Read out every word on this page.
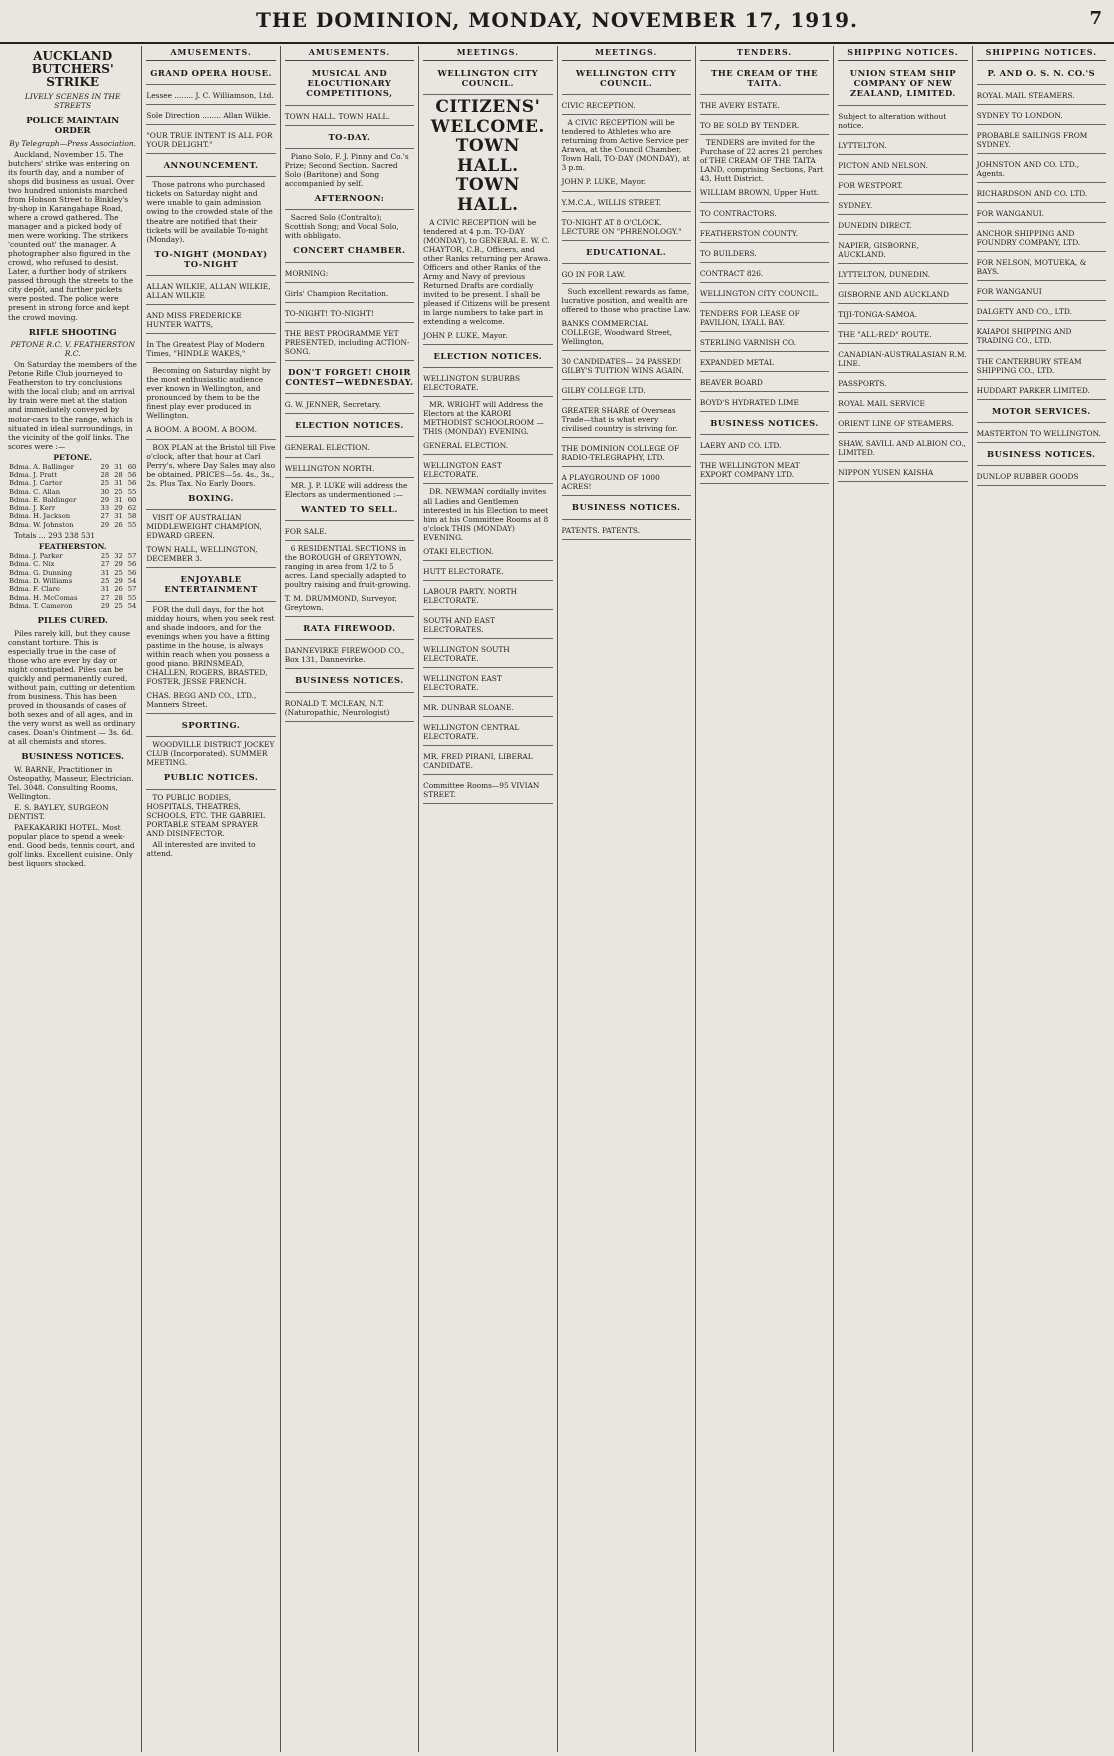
THE DOMINION, MONDAY, NOVEMBER 17, 1919.	7
AUCKLAND BUTCHERS' STRIKE
LIVELY SCENES IN THE STREETS
POLICE MAINTAIN ORDER
By Telegraph—Press Association.

Auckland, November 15. The butchers' strike was entering on its fourth day, and a number of shops did business as usual. Over two hundred unionists marched from Hobson Street to Binkley's by-shop in Karangahape Road, where a crowd gathered. The manager and a picked body of men were working. The strikers 'counted out' the manager. A photographer also figured in the crowd, who refused to desist. Later, a further body of strikers passed through the streets to the city depôt, and further pickets were posted. The police were present in strong force and kept the crowd moving.

RIFLE SHOOTING
PETONE R.C. V. FEATHERSTON R.C.

On Saturday the members of the Petone Rifle Club journeyed to Featherston to try conclusions with the local club; and on arrival by train were met at the station and immediately conveyed by motor-cars to the range, which is situated in ideal surroundings, in the vicinity of the golf links. The scores were :—

PETONE.
Bdma. A. Ballinger	29	31	60
Bdma. J. Pratt	28	28	56
Bdma. J. Carter	25	31	56
Bdma. C. Allan	30	25	55
Bdma. E. Baldinger	29	31	60
Bdma. J. Kerr	33	29	62
Bdma. H. Jackson	27	31	58
Bdma. W. Johnston	29	26	55

Totals ... 293 238 531

FEATHERSTON.
Bdma. J. Parker	25	32	57
Bdma. C. Nix	27	29	56
Bdma. G. Dunning	31	25	56
Bdma. D. Williams	25	29	54
Bdma. F. Clare	31	26	57
Bdma. H. McComas	27	28	55
Bdma. T. Cameron	29	25	54
PILES CURED.

Piles rarely kill, but they cause constant torture. This is especially true in the case of those who are ever by day or night constipated. Piles can be quickly and permanently cured, without pain, cutting or detention from business. This has been proved in thousands of cases of both sexes and of all ages, and in the very worst as well as ordinary cases. Doan's Ointment — 3s. 6d. at all chemists and stores.

BUSINESS NOTICES.

W. BARNE, Practitioner in Osteopathy, Masseur, Electrician. Tel. 3048. Consulting Rooms, Wellington.

E. S. BAYLEY, SURGEON DENTIST.

PAEKAKARIKI HOTEL. Most popular place to spend a week-end. Good beds, tennis court, and golf links. Excellent cuisine. Only best liquors stocked.

AMUSEMENTS.
GRAND OPERA HOUSE.
Lessee ........ J. C. Williamson, Ltd.
Sole Direction ........ Allan Wilkie.
"OUR TRUE INTENT IS ALL FOR YOUR DELIGHT."
ANNOUNCEMENT.

Those patrons who purchased tickets on Saturday night and were unable to gain admission owing to the crowded state of the theatre are notified that their tickets will be available To-night (Monday).

TO-NIGHT (MONDAY) TO-NIGHT
ALLAN WILKIE, ALLAN WILKIE, ALLAN WILKIE
AND MISS FREDERICKE HUNTER WATTS,
In The Greatest Play of Modern Times, "HINDLE WAKES,"

Becoming on Saturday night by the most enthusiastic audience ever known in Wellington, and pronounced by them to be the finest play ever produced in Wellington.

A BOOM. A BOOM. A BOOM.

BOX PLAN at the Bristol till Five o'clock, after that hour at Carl Perry's, where Day Sales may also be obtained. PRICES—5s. 4s., 3s., 2s. Plus Tax. No Early Doors.

BOXING.

VISIT OF AUSTRALIAN MIDDLEWEIGHT CHAMPION, EDWARD GREEN.

TOWN HALL, WELLINGTON, DECEMBER 3.
ENJOYABLE ENTERTAINMENT

FOR the dull days, for the hot midday hours, when you seek rest and shade indoors, and for the evenings when you have a fitting pastime in the house, is always within reach when you possess a good piano. BRINSMEAD, CHALLEN, ROGERS, BRASTED, FOSTER, JESSE FRENCH.

CHAS. BEGG AND CO., LTD., Manners Street.
SPORTING.

WOODVILLE DISTRICT JOCKEY CLUB (Incorporated). SUMMER MEETING.

PUBLIC NOTICES.

TO PUBLIC BODIES, HOSPITALS, THEATRES, SCHOOLS, ETC. THE GABRIEL PORTABLE STEAM SPRAYER AND DISINFECTOR.

All interested are invited to attend.

AMUSEMENTS.
MUSICAL AND ELOCUTIONARY COMPETITIONS,
TOWN HALL. TOWN HALL.
TO-DAY.

Piano Solo, F. J. Pinny and Co.'s Prize; Second Section. Sacred Solo (Baritone) and Song accompanied by self.

AFTERNOON:

Sacred Solo (Contralto); Scottish Song; and Vocal Solo, with obbligato.

CONCERT CHAMBER.
MORNING:
Girls' Champion Recitation.
TO-NIGHT! TO-NIGHT!
THE BEST PROGRAMME YET PRESENTED, including ACTION-SONG.
DON'T FORGET! CHOIR CONTEST—WEDNESDAY.
G. W. JENNER, Secretary.
ELECTION NOTICES.
GENERAL ELECTION.
WELLINGTON NORTH.

MR. J. P. LUKE will address the Electors as undermentioned :—

WANTED TO SELL.
FOR SALE.

6 RESIDENTIAL SECTIONS in the BOROUGH of GREYTOWN, ranging in area from 1/2 to 5 acres. Land specially adapted to poultry raising and fruit-growing.

T. M. DRUMMOND, Surveyor, Greytown.
RATA FIREWOOD.
DANNEVIRKE FIREWOOD CO., Box 131, Dannevirke.
BUSINESS NOTICES.
RONALD T. MCLEAN, N.T. (Naturopathic, Neurologist)
MEETINGS.
WELLINGTON CITY COUNCIL.
CITIZENS' WELCOME.
TOWN HALL. TOWN HALL.

A CIVIC RECEPTION will be tendered at 4 p.m. TO-DAY (MONDAY), to GENERAL E. W. C. CHAYTOR, C.B., Officers, and other Ranks returning per Arawa. Officers and other Ranks of the Army and Navy of previous Returned Drafts are cordially invited to be present. I shall be pleased if Citizens will be present in large numbers to take part in extending a welcome.

JOHN P. LUKE, Mayor.
ELECTION NOTICES.
WELLINGTON SUBURBS ELECTORATE.

MR. WRIGHT will Address the Electors at the KARORI METHODIST SCHOOLROOM —THIS (MONDAY) EVENING.

GENERAL ELECTION.
WELLINGTON EAST ELECTORATE.

DR. NEWMAN cordially invites all Ladies and Gentlemen interested in his Election to meet him at his Committee Rooms at 8 o'clock THIS (MONDAY) EVENING.

OTAKI ELECTION.
HUTT ELECTORATE.
LABOUR PARTY. NORTH ELECTORATE.
SOUTH AND EAST ELECTORATES.
WELLINGTON SOUTH ELECTORATE.
WELLINGTON EAST ELECTORATE.
MR. DUNBAR SLOANE.
WELLINGTON CENTRAL ELECTORATE.
MR. FRED PIRANI, LIBERAL CANDIDATE.
Committee Rooms—95 VIVIAN STREET.
MEETINGS.
WELLINGTON CITY COUNCIL.
CIVIC RECEPTION.

A CIVIC RECEPTION will be tendered to Athletes who are returning from Active Service per Arawa, at the Council Chamber, Town Hall, TO-DAY (MONDAY), at 3 p.m.

JOHN P. LUKE, Mayor.
Y.M.C.A., WILLIS STREET.
TO-NIGHT AT 8 O'CLOCK. LECTURE ON "PHRENOLOGY."
EDUCATIONAL.
GO IN FOR LAW.

Such excellent rewards as fame, lucrative position, and wealth are offered to those who practise Law.

BANKS COMMERCIAL COLLEGE, Woodward Street, Wellington,
30 CANDIDATES— 24 PASSED! GILBY'S TUITION WINS AGAIN.
GILBY COLLEGE LTD.
GREATER SHARE of Overseas Trade—that is what every civilised country is striving for.
THE DOMINION COLLEGE OF RADIO-TELEGRAPHY, LTD.
A PLAYGROUND OF 1000 ACRES!
BUSINESS NOTICES.
PATENTS. PATENTS.
TENDERS.
THE CREAM OF THE TAITA.
THE AVERY ESTATE.
TO BE SOLD BY TENDER.

TENDERS are invited for the Purchase of 22 acres 21 perches of THE CREAM OF THE TAITA LAND, comprising Sections, Part 43, Hutt District.

WILLIAM BROWN, Upper Hutt.
TO CONTRACTORS.
FEATHERSTON COUNTY.
TO BUILDERS.
CONTRACT 826.
WELLINGTON CITY COUNCIL.
TENDERS FOR LEASE OF PAVILION, LYALL BAY.
STERLING VARNISH CO.
EXPANDED METAL
BEAVER BOARD
BOYD'S HYDRATED LIME
BUSINESS NOTICES.
LAERY AND CO. LTD.
THE WELLINGTON MEAT EXPORT COMPANY LTD.
SHIPPING NOTICES.
UNION STEAM SHIP COMPANY OF NEW ZEALAND, LIMITED.
Subject to alteration without notice.
LYTTELTON.
PICTON AND NELSON.
FOR WESTPORT.
SYDNEY.
DUNEDIN DIRECT.
NAPIER, GISBORNE, AUCKLAND.
LYTTELTON, DUNEDIN.
GISBORNE AND AUCKLAND
TIJI-TONGA-SAMOA.
THE "ALL-RED" ROUTE.
CANADIAN-AUSTRALASIAN R.M. LINE.
PASSPORTS.
ROYAL MAIL SERVICE
ORIENT LINE OF STEAMERS.
SHAW, SAVILL AND ALBION CO., LIMITED.
NIPPON YUSEN KAISHA
SHIPPING NOTICES.
P. AND O. S. N. CO.'S
ROYAL MAIL STEAMERS.
SYDNEY TO LONDON.
PROBABLE SAILINGS FROM SYDNEY.
JOHNSTON AND CO. LTD., Agents.
RICHARDSON AND CO. LTD.
FOR WANGANUI.
ANCHOR SHIPPING AND FOUNDRY COMPANY, LTD.
FOR NELSON, MOTUEKA, & BAYS.
FOR WANGANUI
DALGETY AND CO., LTD.
KAIAPOI SHIPPING AND TRADING CO., LTD.
THE CANTERBURY STEAM SHIPPING CO., LTD.
HUDDART PARKER LIMITED.
MOTOR SERVICES.
MASTERTON TO WELLINGTON.
BUSINESS NOTICES.
DUNLOP RUBBER GOODS
